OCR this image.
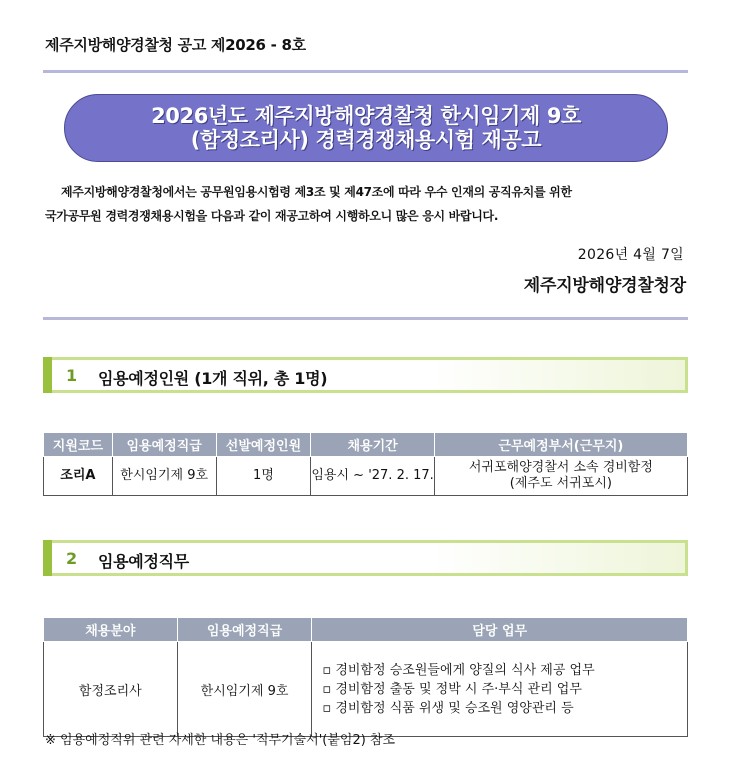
제주지방해양경찰청 공고 제2026 - 8호
2026년도 제주지방해양경찰청 한시임기제 9호
(함정조리사) 경력경쟁채용시험 재공고
제주지방해양경찰청에서는 공무원임용시험령 제3조 및 제47조에 따라 우수 인재의 공직유치를 위한
국가공무원 경력경쟁채용시험을 다음과 같이 재공고하여 시행하오니 많은 응시 바랍니다.
2026년 4월 7일
제주지방해양경찰청장
1 임용예정인원 (1개 직위, 총 1명)
지원코드	임용예정직급	선발예정인원	채용기간	근무예정부서(근무지)
조리A	한시임기제 9호	1명	임용시 ~ '27. 2. 17.	서귀포해양경찰서 소속 경비함정
(제주도 서귀포시)
2 임용예정직무
채용분야	임용예정직급	담당 업무
함정조리사	한시임기제 9호	▫ 경비함정 승조원들에게 양질의 식사 제공 업무
▫ 경비함정 출동 및 정박 시 주·부식 관리 업무
▫ 경비함정 식품 위생 및 승조원 영양관리 등
※ 임용예정직위 관련 자세한 내용은 '직무기술서'(붙임2) 참조
